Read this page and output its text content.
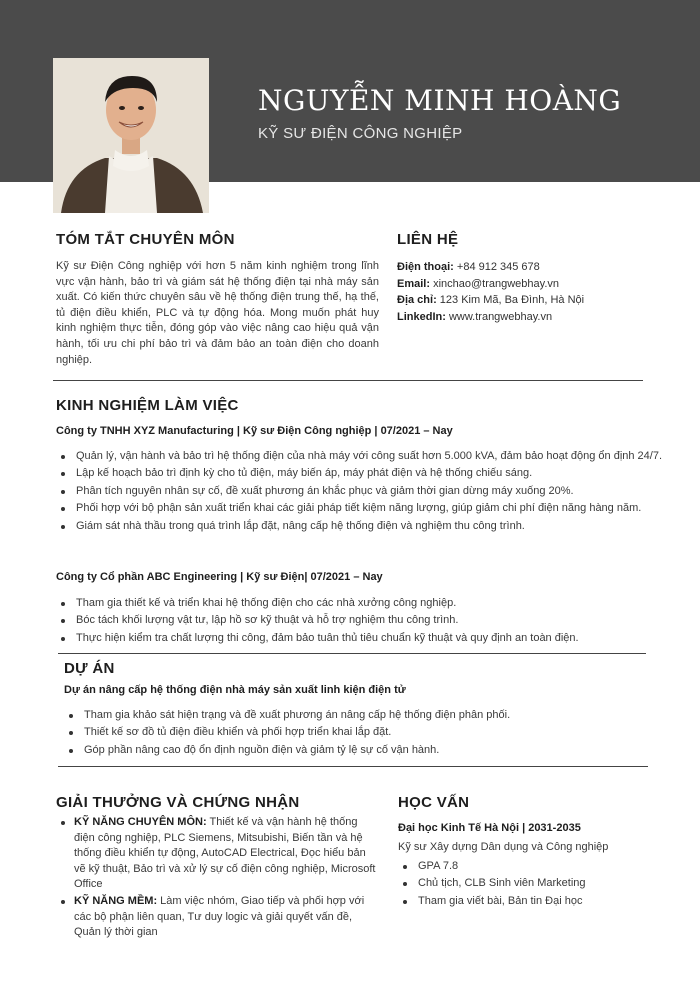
NGUYỄN MINH HOÀNG
KỸ SƯ ĐIỆN CÔNG NGHIỆP
TÓM TẮT CHUYÊN MÔN
Kỹ sư Điện Công nghiệp với hơn 5 năm kinh nghiệm trong lĩnh vực vận hành, bảo trì và giám sát hệ thống điện tại nhà máy sản xuất. Có kiến thức chuyên sâu về hệ thống điện trung thế, hạ thế, tủ điện điều khiển, PLC và tự động hóa. Mong muốn phát huy kinh nghiệm thực tiễn, đóng góp vào việc nâng cao hiệu quả vận hành, tối ưu chi phí bảo trì và đảm bảo an toàn điện cho doanh nghiệp.
LIÊN HỆ
Điện thoại: +84 912 345 678
Email: xinchao@trangwebhay.vn
Địa chỉ: 123 Kim Mã, Ba Đình, Hà Nội
LinkedIn: www.trangwebhay.vn
KINH NGHIỆM LÀM VIỆC
Công ty TNHH XYZ Manufacturing | Kỹ sư Điện Công nghiệp | 07/2021 – Nay
Quản lý, vận hành và bảo trì hệ thống điện của nhà máy với công suất hơn 5.000 kVA, đảm bảo hoạt động ổn định 24/7.
Lập kế hoạch bảo trì định kỳ cho tủ điện, máy biến áp, máy phát điện và hệ thống chiếu sáng.
Phân tích nguyên nhân sự cố, đề xuất phương án khắc phục và giảm thời gian dừng máy xuống 20%.
Phối hợp với bộ phận sản xuất triển khai các giải pháp tiết kiệm năng lượng, giúp giảm chi phí điện năng hàng năm.
Giám sát nhà thầu trong quá trình lắp đặt, nâng cấp hệ thống điện và nghiệm thu công trình.
Công ty Cổ phần ABC Engineering | Kỹ sư Điện| 07/2021 – Nay
Tham gia thiết kế và triển khai hệ thống điện cho các nhà xưởng công nghiệp.
Bóc tách khối lượng vật tư, lập hồ sơ kỹ thuật và hỗ trợ nghiệm thu công trình.
Thực hiện kiểm tra chất lượng thi công, đảm bảo tuân thủ tiêu chuẩn kỹ thuật và quy định an toàn điện.
DỰ ÁN
Dự án nâng cấp hệ thống điện nhà máy sản xuất linh kiện điện tử
Tham gia khảo sát hiện trạng và đề xuất phương án nâng cấp hệ thống điện phân phối.
Thiết kế sơ đồ tủ điện điều khiển và phối hợp triển khai lắp đặt.
Góp phần nâng cao độ ổn định nguồn điện và giảm tỷ lệ sự cố vận hành.
GIẢI THƯỞNG VÀ CHỨNG NHẬN
KỸ NĂNG CHUYÊN MÔN: Thiết kế và vận hành hệ thống điện công nghiệp, PLC Siemens, Mitsubishi, Biến tần và hệ thống điều khiển tự động, AutoCAD Electrical, Đọc hiểu bản vẽ kỹ thuật, Bảo trì và xử lý sự cố điện công nghiệp, Microsoft Office
KỸ NĂNG MỀM: Làm việc nhóm, Giao tiếp và phối hợp với các bộ phận liên quan, Tư duy logic và giải quyết vấn đề, Quản lý thời gian
HỌC VẤN
Đại học Kinh Tế Hà Nội | 2031-2035
Kỹ sư Xây dựng Dân dụng và Công nghiệp
GPA 7.8
Chủ tịch, CLB Sinh viên Marketing
Tham gia viết bài, Bản tin Đại học
